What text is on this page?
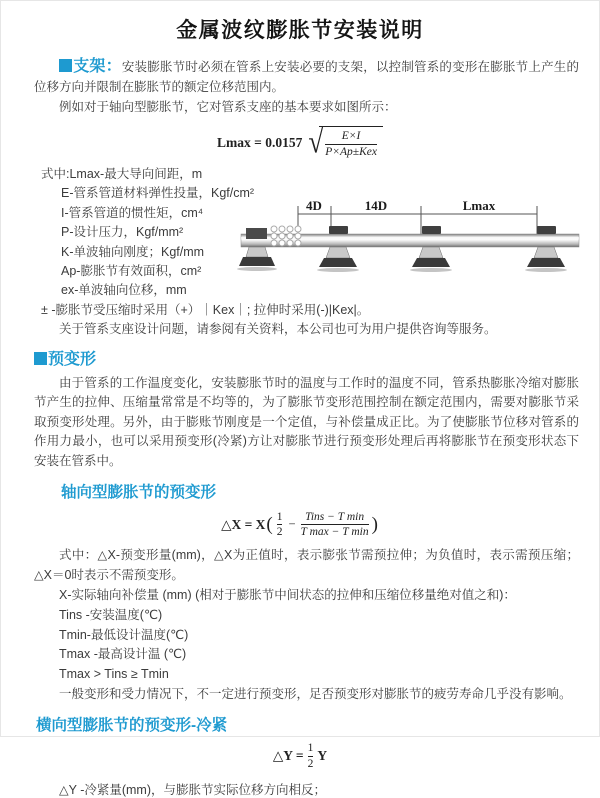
金属波纹膨胀节安装说明

支架：安装膨胀节时必须在管系上安装必要的支架，以控制管系的变形在膨胀节上产生的位移方向并限制在膨胀节的额定位移范围内。

例如对于轴向型膨胀节，它对管系支座的基本要求如图所示：

Lmax = 0.0157 √ $\frac{E\times I}{\text{P×Ap±Kex}}$
式中:Lmax-最大导向间距，m
E-管系管道材料弹性投量，Kgf/cm²
I-管系管道的惯性矩，cm⁴
P-设计压力，Kgf/mm²
K-单波轴向刚度；Kgf/mm
Ap-膨胀节有效面积，cm²
ex-单波轴向位移，mm
± -膨胀节受压缩时采用（+）｜Kex｜; 拉伸时采用(-)|Kex|。
关于管系支座设计问题，请参阅有关资料，本公司也可为用户提供咨询等服务。
4D	14D	Lmax
预变形

由于管系的工作温度变化，安装膨胀节时的温度与工作时的温度不同，管系热膨胀冷缩对膨胀节产生的拉伸、压缩量常常是不均等的，为了膨胀节变形范围控制在额定范围内，需要对膨胀节采取预变形处理。另外，由于膨账节刚度是一个定值，与补偿量成正比。为了使膨胀节位移对管系的作用力最小，也可以采用预变形(冷紧)方让对膨胀节进行预变形处理后再将膨胀节在预变形状态下安装在管系中。

轴向型膨胀节的预变形
△X = X ( $\frac{1}{2} - \frac{\text{Tins − T min}}{\text{T max − T min}}$ )

式中：△X-预变形量(mm)，△X为正值时，表示膨张节需预拉伸；为负值时，表示需预压缩；△X＝0时表示不需预变形。

X-实际轴向补偿量 (mm) (相对于膨胀节中间状态的拉伸和压缩位移量绝对值之和)：
Tins -安装温度(℃)
Tmin-最低设计温度(℃)
Tmax -最高设计温 (℃)
Tmax > Tins ≥ Tmin

一般变形和受力情况下，不一定进行预变形，足否预变形对膨胀节的疲劳寿命几乎没有影响。

横向型膨胀节的预变形-冷紧
△Y = $\frac{1}{2}$ Y
△Y -冷紧量(mm)，与膨胀节实际位移方向相反；
